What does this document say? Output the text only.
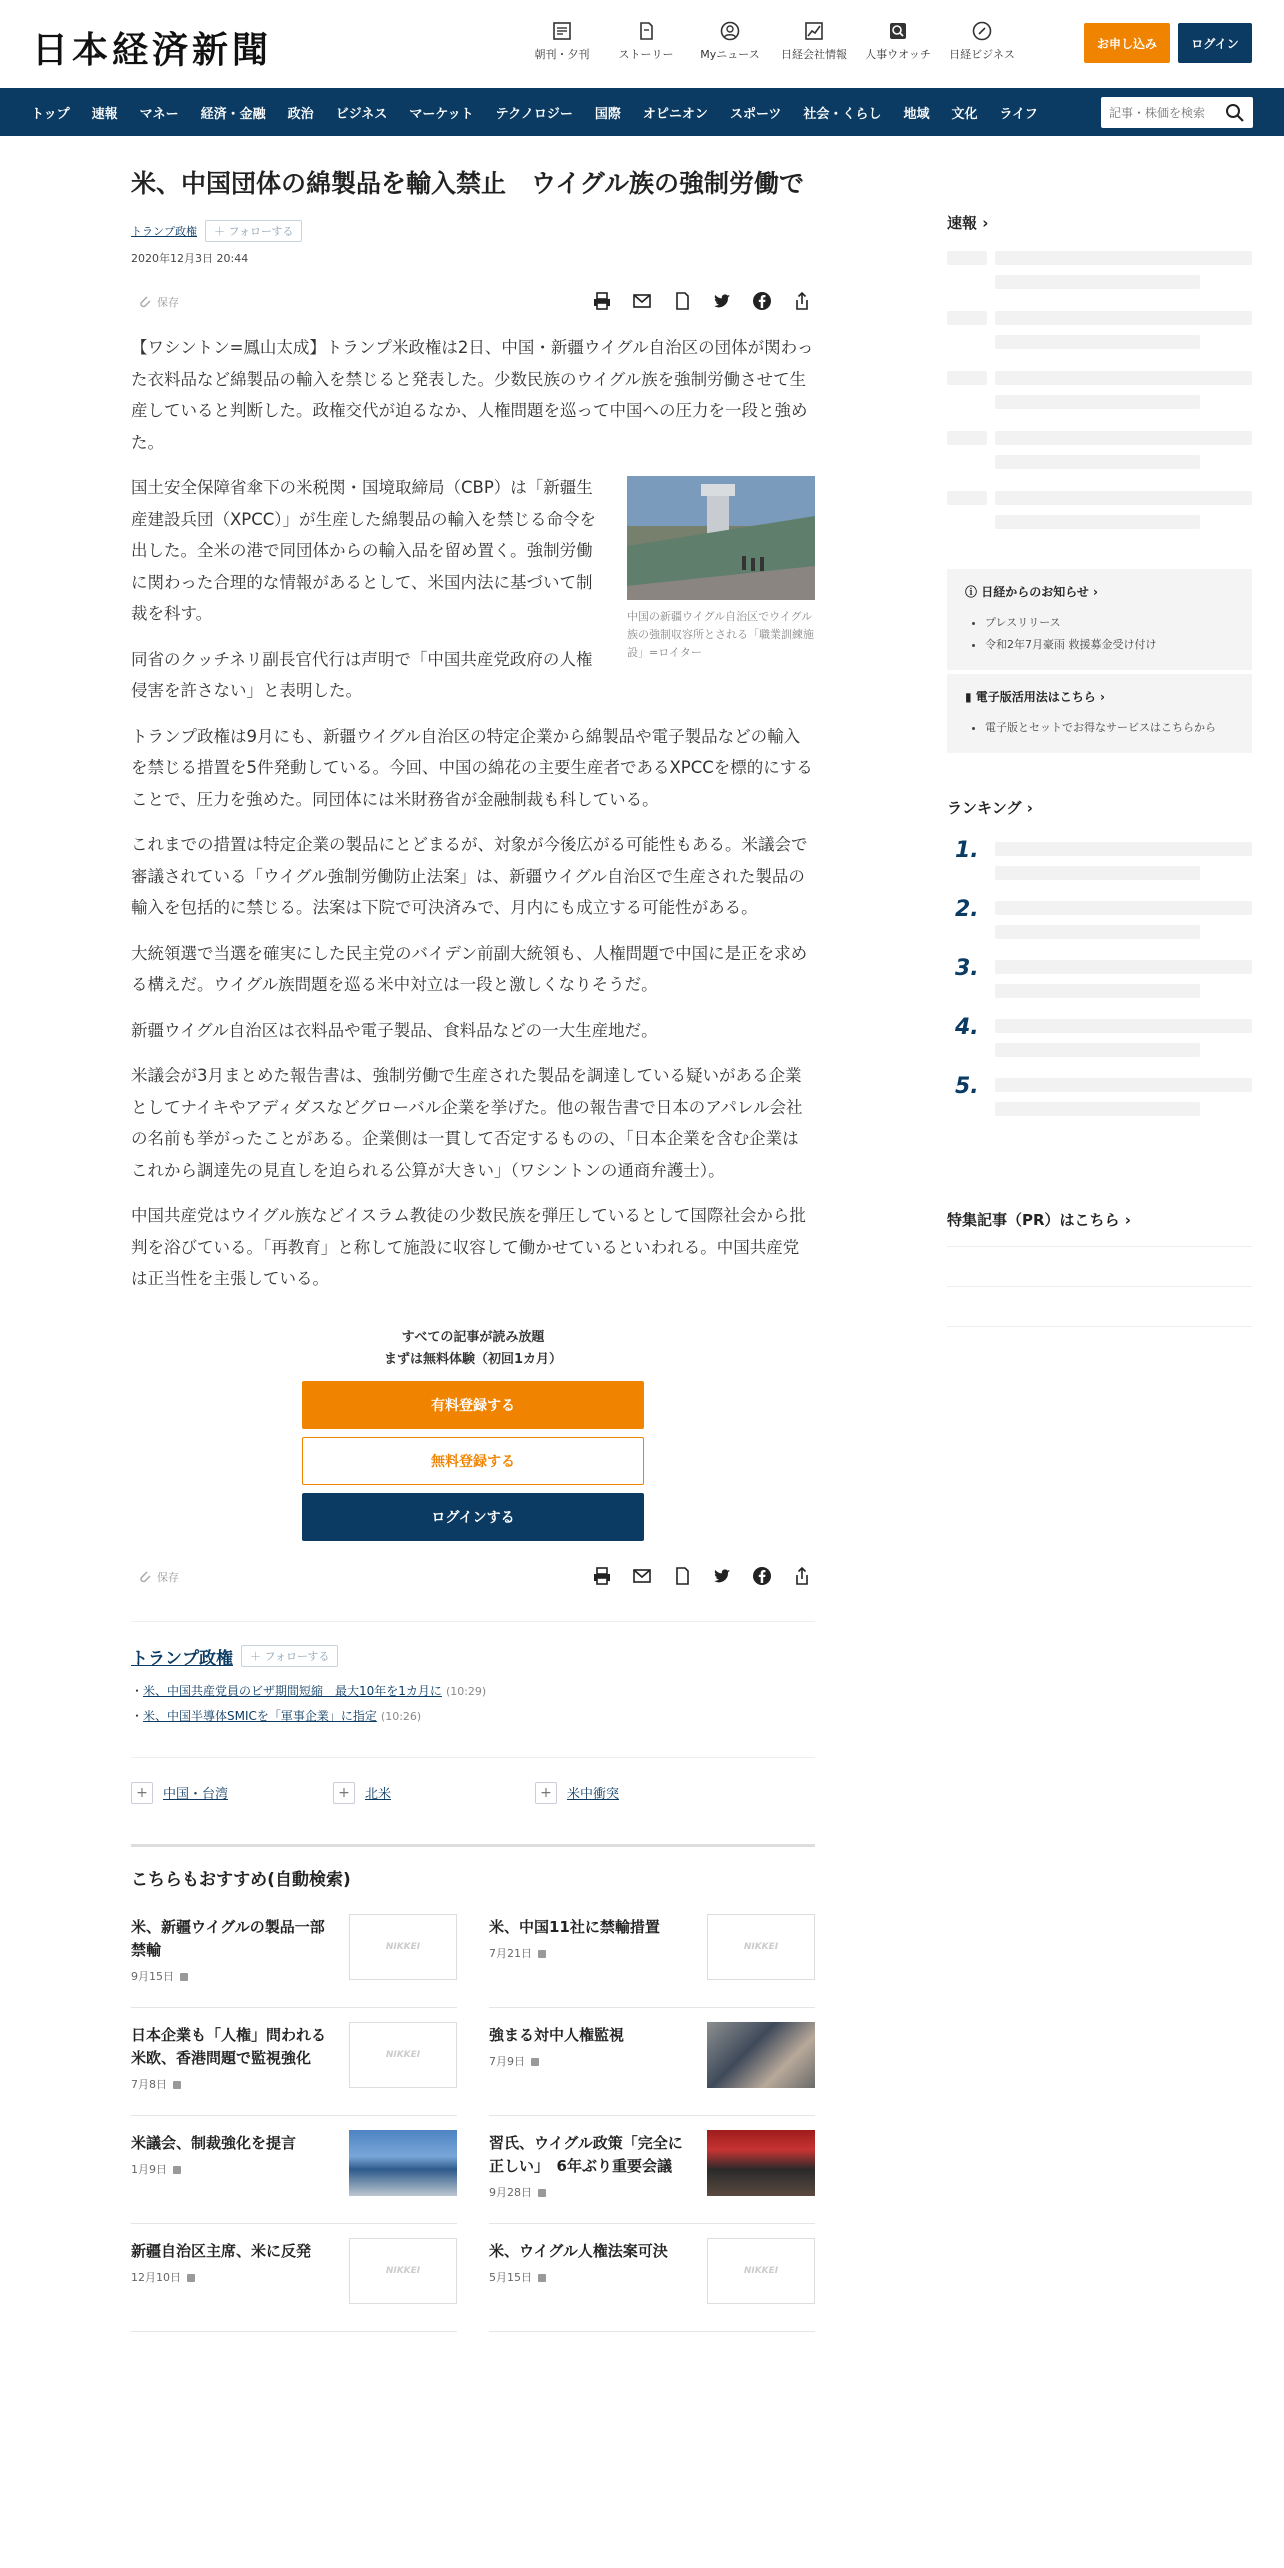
日本経済新聞	朝刊・夕刊	ストーリー	Myニュース	日経会社情報	人事ウオッチ	日経ビジネス
お申し込み	ログイン
トップ	速報	マネー	経済・金融	政治	ビジネス	マーケット	テクノロジー	国際	オピニオン	スポーツ	社会・くらし	地域	文化	ライフ
記事・株価を検索
米、中国団体の綿製品を輸入禁止　ウイグル族の強制労働で
トランプ政権	＋ フォローする
2020年12月3日 20:44
保存

【ワシントン=鳳山太成】トランプ米政権は2日、中国・新疆ウイグル自治区の団体が関わった衣料品など綿製品の輸入を禁じると発表した。少数民族のウイグル族を強制労働させて生産していると判断した。政権交代が迫るなか、人権問題を巡って中国への圧力を一段と強めた。

中国の新疆ウイグル自治区でウイグル族の強制収容所とされる「職業訓練施設」=ロイター

国土安全保障省傘下の米税関・国境取締局（CBP）は「新疆生産建設兵団（XPCC）」が生産した綿製品の輸入を禁じる命令を出した。全米の港で同団体からの輸入品を留め置く。強制労働に関わった合理的な情報があるとして、米国内法に基づいて制裁を科す。

同省のクッチネリ副長官代行は声明で「中国共産党政府の人権侵害を許さない」と表明した。

トランプ政権は9月にも、新疆ウイグル自治区の特定企業から綿製品や電子製品などの輸入を禁じる措置を5件発動している。今回、中国の綿花の主要生産者であるXPCCを標的にすることで、圧力を強めた。同団体には米財務省が金融制裁も科している。

これまでの措置は特定企業の製品にとどまるが、対象が今後広がる可能性もある。米議会で審議されている「ウイグル強制労働防止法案」は、新疆ウイグル自治区で生産された製品の輸入を包括的に禁じる。法案は下院で可決済みで、月内にも成立する可能性がある。

大統領選で当選を確実にした民主党のバイデン前副大統領も、人権問題で中国に是正を求める構えだ。ウイグル族問題を巡る米中対立は一段と激しくなりそうだ。

新疆ウイグル自治区は衣料品や電子製品、食料品などの一大生産地だ。

米議会が3月まとめた報告書は、強制労働で生産された製品を調達している疑いがある企業としてナイキやアディダスなどグローバル企業を挙げた。他の報告書で日本のアパレル会社の名前も挙がったことがある。企業側は一貫して否定するものの、「日本企業を含む企業はこれから調達先の見直しを迫られる公算が大きい」（ワシントンの通商弁護士）。

中国共産党はウイグル族などイスラム教徒の少数民族を弾圧しているとして国際社会から批判を浴びている。「再教育」と称して施設に収容して働かせているといわれる。中国共産党は正当性を主張している。

すべての記事が読み放題
まずは無料体験（初回1カ月）
有料登録する
無料登録する
ログインする
保存
トランプ政権	＋ フォローする
・米、中国共産党員のビザ期間短縮　最大10年を1カ月に (10:29)
・米、中国半導体SMICを「軍事企業」に指定 (10:26)
+	中国・台湾	+	北米	+	米中衝突
こちらもおすすめ(自動検索)
米、新疆ウイグルの製品一部禁輸
9月15日
NIKKEI
米、中国11社に禁輸措置
7月21日	NIKKEI
日本企業も「人権」問われる　米欧、香港問題で監視強化
7月8日
NIKKEI
強まる対中人権監視
7月9日
米議会、制裁強化を提言
1月9日
習氏、ウイグル政策「完全に正しい」　6年ぶり重要会議
9月28日
新疆自治区主席、米に反発
12月10日	NIKKEI
米、ウイグル人権法案可決
5月15日	NIKKEI
速報 ›
ⓘ 日経からのお知らせ ›
• プレスリリース
• 令和2年7月豪雨 救援募金受け付け
▮ 電子版活用法はこちら ›
• 電子版とセットでお得なサービスはこちらから
ランキング ›
1.
2.
3.
4.
5.
特集記事（PR）はこちら ›
